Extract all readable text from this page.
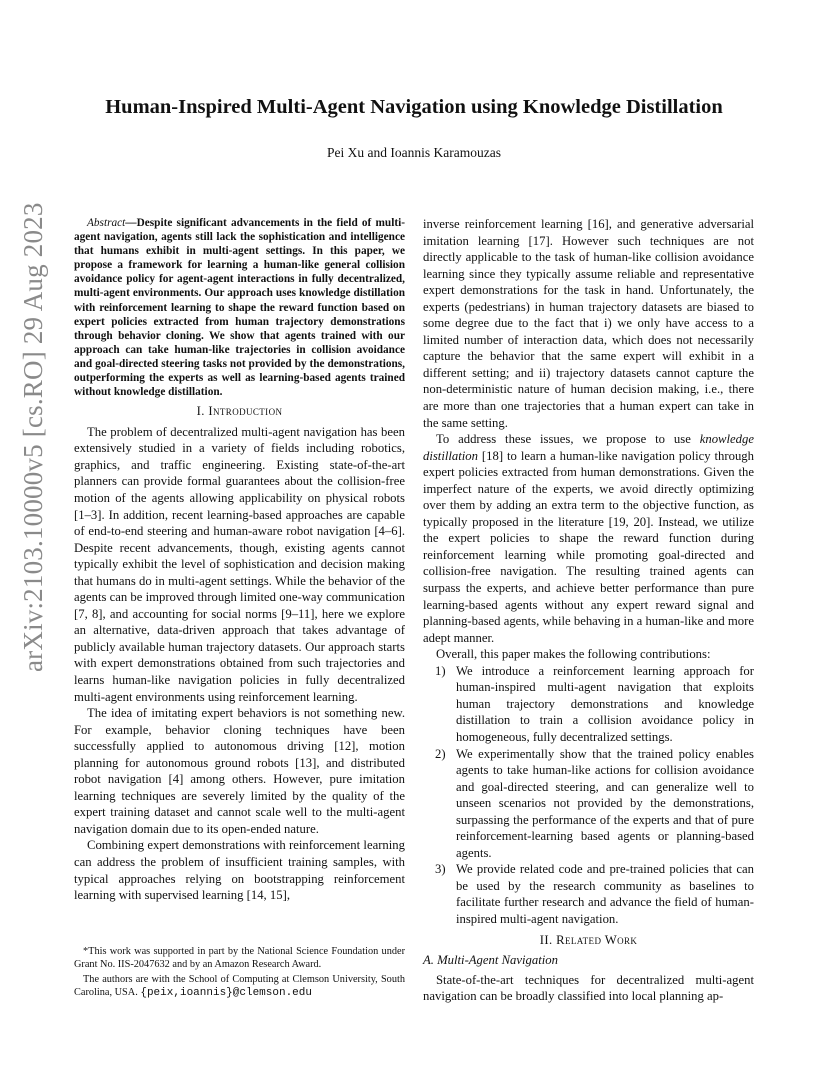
arXiv:2103.10000v5 [cs.RO] 29 Aug 2023
Human-Inspired Multi-Agent Navigation using Knowledge Distillation
Pei Xu and Ioannis Karamouzas

Abstract—Despite significant advancements in the field of multi-agent navigation, agents still lack the sophistication and intelligence that humans exhibit in multi-agent settings. In this paper, we propose a framework for learning a human-like general collision avoidance policy for agent-agent interactions in fully decentralized, multi-agent environments. Our approach uses knowledge distillation with reinforcement learning to shape the reward function based on expert policies extracted from human trajectory demonstrations through behavior cloning. We show that agents trained with our approach can take human-like trajectories in collision avoidance and goal-directed steering tasks not provided by the demonstrations, outperforming the experts as well as learning-based agents trained without knowledge distillation.

I. Introduction

The problem of decentralized multi-agent navigation has been extensively studied in a variety of fields including robotics, graphics, and traffic engineering. Existing state-of-the-art planners can provide formal guarantees about the collision-free motion of the agents allowing applicability on physical robots [1–3]. In addition, recent learning-based approaches are capable of end-to-end steering and human-aware robot navigation [4–6]. Despite recent advancements, though, existing agents cannot typically exhibit the level of sophistication and decision making that humans do in multi-agent settings. While the behavior of the agents can be improved through limited one-way communication [7, 8], and accounting for social norms [9–11], here we explore an alternative, data-driven approach that takes advantage of publicly available human trajectory datasets. Our approach starts with expert demonstrations obtained from such trajectories and learns human-like navigation policies in fully decentralized multi-agent environments using reinforcement learning.

The idea of imitating expert behaviors is not something new. For example, behavior cloning techniques have been successfully applied to autonomous driving [12], motion planning for autonomous ground robots [13], and distributed robot navigation [4] among others. However, pure imitation learning techniques are severely limited by the quality of the expert training dataset and cannot scale well to the multi-agent navigation domain due to its open-ended nature.

Combining expert demonstrations with reinforcement learning can address the problem of insufficient training samples, with typical approaches relying on bootstrapping reinforcement learning with supervised learning [14, 15],

*This work was supported in part by the National Science Foundation under Grant No. IIS-2047632 and by an Amazon Research Award.

The authors are with the School of Computing at Clemson University, South Carolina, USA. {peix,ioannis}@clemson.edu

inverse reinforcement learning [16], and generative adversarial imitation learning [17]. However such techniques are not directly applicable to the task of human-like collision avoidance learning since they typically assume reliable and representative expert demonstrations for the task in hand. Unfortunately, the experts (pedestrians) in human trajectory datasets are biased to some degree due to the fact that i) we only have access to a limited number of interaction data, which does not necessarily capture the behavior that the same expert will exhibit in a different setting; and ii) trajectory datasets cannot capture the non-deterministic nature of human decision making, i.e., there are more than one trajectories that a human expert can take in the same setting.

To address these issues, we propose to use knowledge distillation [18] to learn a human-like navigation policy through expert policies extracted from human demonstrations. Given the imperfect nature of the experts, we avoid directly optimizing over them by adding an extra term to the objective function, as typically proposed in the literature [19, 20]. Instead, we utilize the expert policies to shape the reward function during reinforcement learning while promoting goal-directed and collision-free navigation. The resulting trained agents can surpass the experts, and achieve better performance than pure learning-based agents without any expert reward signal and planning-based agents, while behaving in a human-like and more adept manner.

Overall, this paper makes the following contributions:

1) We introduce a reinforcement learning approach for human-inspired multi-agent navigation that exploits human trajectory demonstrations and knowledge distillation to train a collision avoidance policy in homogeneous, fully decentralized settings.
2) We experimentally show that the trained policy enables agents to take human-like actions for collision avoidance and goal-directed steering, and can generalize well to unseen scenarios not provided by the demonstrations, surpassing the performance of the experts and that of pure reinforcement-learning based agents or planning-based agents.
3) We provide related code and pre-trained policies that can be used by the research community as baselines to facilitate further research and advance the field of human-inspired multi-agent navigation.
II. Related Work
A. Multi-Agent Navigation

State-of-the-art techniques for decentralized multi-agent navigation can be broadly classified into local planning ap-
